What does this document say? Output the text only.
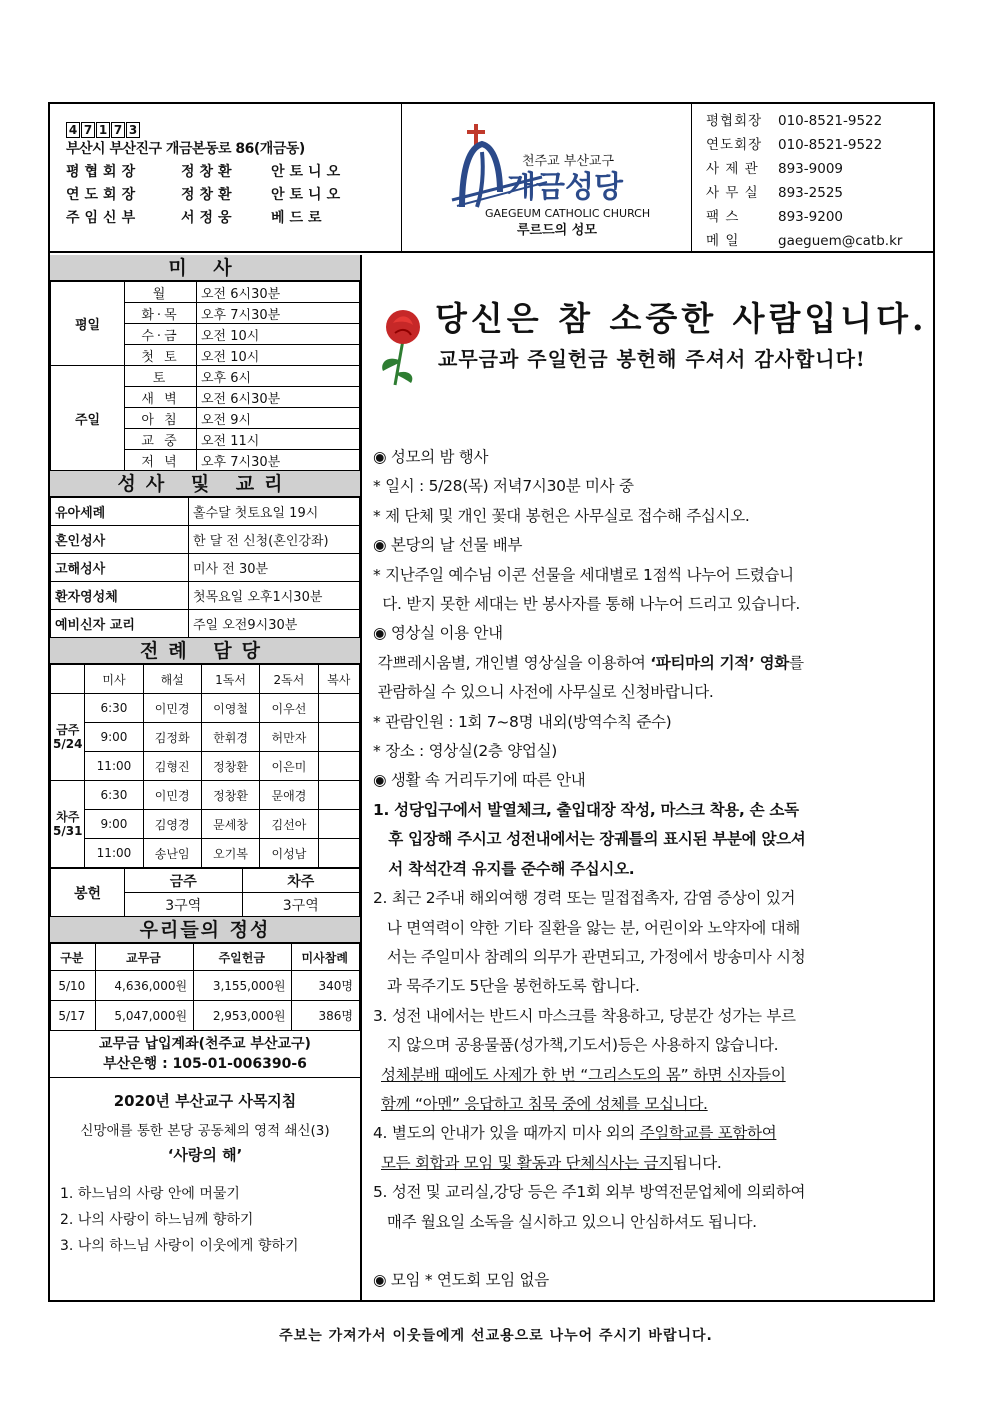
4 7 1 7 3
부산시 부산진구 개금본동로 86(개금동)
평협회장	정창환	안토니오
연도회장	정창환	안토니오
주임신부	서정웅	베드로
천주교 부산교구
개금성당
GAEGEUM CATHOLIC CHURCH
루르드의 성모
평협회장	010-8521-9522
연도회장	010-8521-9522
사 제 관	893-9009
사 무 실	893-2525
팩 스	893-9200
메 일	gaeguem@catb.kr
미 사
평일	월	오전 6시30분
	화·목	오후 7시30분
	수·금	오전 10시
	첫 토	오전 10시
주일	토	오후 6시
	새 벽	오전 6시30분
	아 침	오전 9시
	교 중	오전 11시
	저 녁	오후 7시30분
성사 및 교리
유아세례	홀수달 첫토요일 19시
혼인성사	한 달 전 신청(혼인강좌)
고해성사	미사 전 30분
환자영성체	첫목요일 오후1시30분
예비신자 교리	주일 오전9시30분
전례 담당
	미사	해설	1독서	2독서	복사
금주 5/24	6:30	이민경	이영철	이우선	
	9:00	김정화	한휘경	허만자	
	11:00	김형진	정창환	이은미	
차주 5/31	6:30	이민경	정창환	문애경	
	9:00	김영경	문세창	김선아	
	11:00	송난임	오기복	이성남	
봉헌	금주	차주
	3구역	3구역
우리들의 정성
구분	교무금	주일헌금	미사참례
5/10	4,636,000원	3,155,000원	340명
5/17	5,047,000원	2,953,000원	386명
교무금 납입계좌(천주교 부산교구)
부산은행 : 105-01-006390-6
2020년 부산교구 사목지침
신망애를 통한 본당 공동체의 영적 쇄신(3)
‘사랑의 해’
1. 하느님의 사랑 안에 머물기
2. 나의 사랑이 하느님께 향하기
3. 나의 하느님 사랑이 이웃에게 향하기
당신은 참 소중한 사람입니다.
교무금과 주일헌금 봉헌해 주셔서 감사합니다!
◉ 성모의 밤 행사
* 일시 : 5/28(목) 저녁7시30분 미사 중
* 제 단체 및 개인 꽃대 봉헌은 사무실로 접수해 주십시오.
◉ 본당의 날 선물 배부
* 지난주일 예수님 이콘 선물을 세대별로 1점씩 나누어 드렸습니
다. 받지 못한 세대는 반 봉사자를 통해 나누어 드리고 있습니다.
◉ 영상실 이용 안내
각쁘레시움별, 개인별 영상실을 이용하여 ‘파티마의 기적’ 영화를
관람하실 수 있으니 사전에 사무실로 신청바랍니다.
* 관람인원 : 1회 7~8명 내외(방역수칙 준수)
* 장소 : 영상실(2층 양업실)
◉ 생활 속 거리두기에 따른 안내
1. 성당입구에서 발열체크, 출입대장 작성, 마스크 착용, 손 소독
후 입장해 주시고 성전내에서는 장궤틀의 표시된 부분에 앉으셔
서 착석간격 유지를 준수해 주십시오.
2. 최근 2주내 해외여행 경력 또는 밀접접촉자, 감염 증상이 있거
나 면역력이 약한 기타 질환을 앓는 분, 어린이와 노약자에 대해
서는 주일미사 참례의 의무가 관면되고, 가정에서 방송미사 시청
과 묵주기도 5단을 봉헌하도록 합니다.
3. 성전 내에서는 반드시 마스크를 착용하고, 당분간 성가는 부르
지 않으며 공용물품(성가책,기도서)등은 사용하지 않습니다.
성체분배 때에도 사제가 한 번 “그리스도의 몸” 하면 신자들이
함께 “아멘” 응답하고 침묵 중에 성체를 모십니다.
4. 별도의 안내가 있을 때까지 미사 외의 주일학교를 포함하여
모든 회합과 모임 및 활동과 단체식사는 금지됩니다.
5. 성전 및 교리실,강당 등은 주1회 외부 방역전문업체에 의뢰하여
매주 월요일 소독을 실시하고 있으니 안심하셔도 됩니다.
◉ 모임 * 연도회 모임 없음
주보는 가져가서 이웃들에게 선교용으로 나누어 주시기 바랍니다.
